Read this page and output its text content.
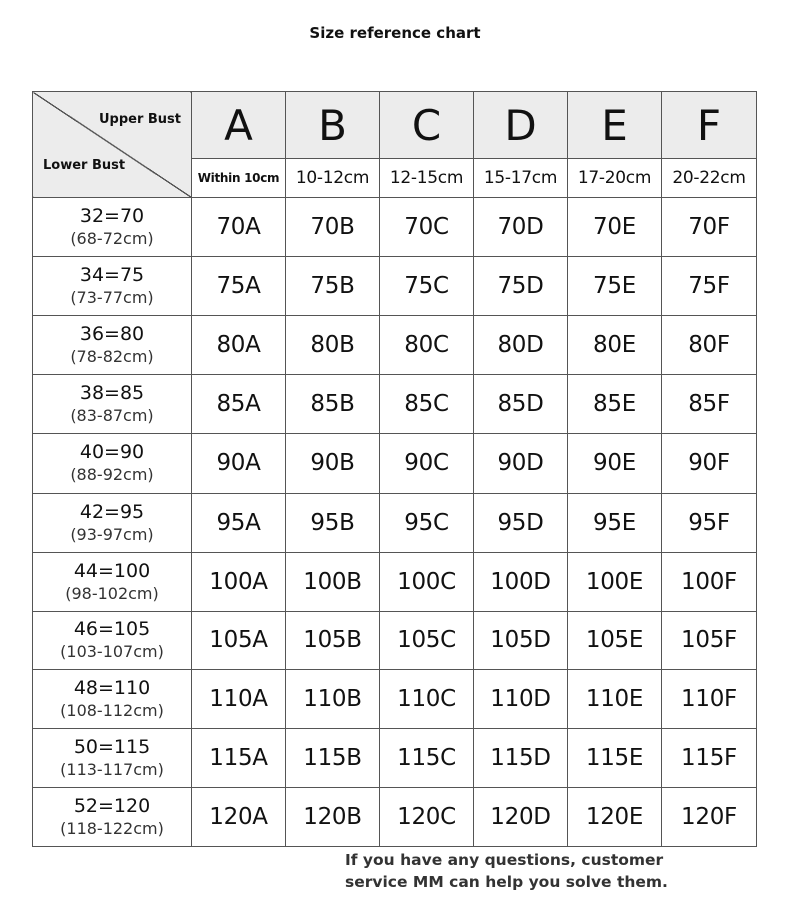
Size reference chart
Upper Bust
Lower Bust	A	B	C	D	E	F
	Within 10cm	10-12cm	12-15cm	15-17cm	17-20cm	20-22cm

32=70
(68-72cm)	70A	70B	70C	70D	70E	70F

34=75
(73-77cm)	75A	75B	75C	75D	75E	75F

36=80
(78-82cm)	80A	80B	80C	80D	80E	80F

38=85
(83-87cm)	85A	85B	85C	85D	85E	85F

40=90
(88-92cm)	90A	90B	90C	90D	90E	90F

42=95
(93-97cm)	95A	95B	95C	95D	95E	95F

44=100
(98-102cm)	100A	100B	100C	100D	100E	100F

46=105
(103-107cm)	105A	105B	105C	105D	105E	105F

48=110
(108-112cm)	110A	110B	110C	110D	110E	110F

50=115
(113-117cm)	115A	115B	115C	115D	115E	115F

52=120
(118-122cm)	120A	120B	120C	120D	120E	120F
If you have any questions, customer
service MM can help you solve them.
